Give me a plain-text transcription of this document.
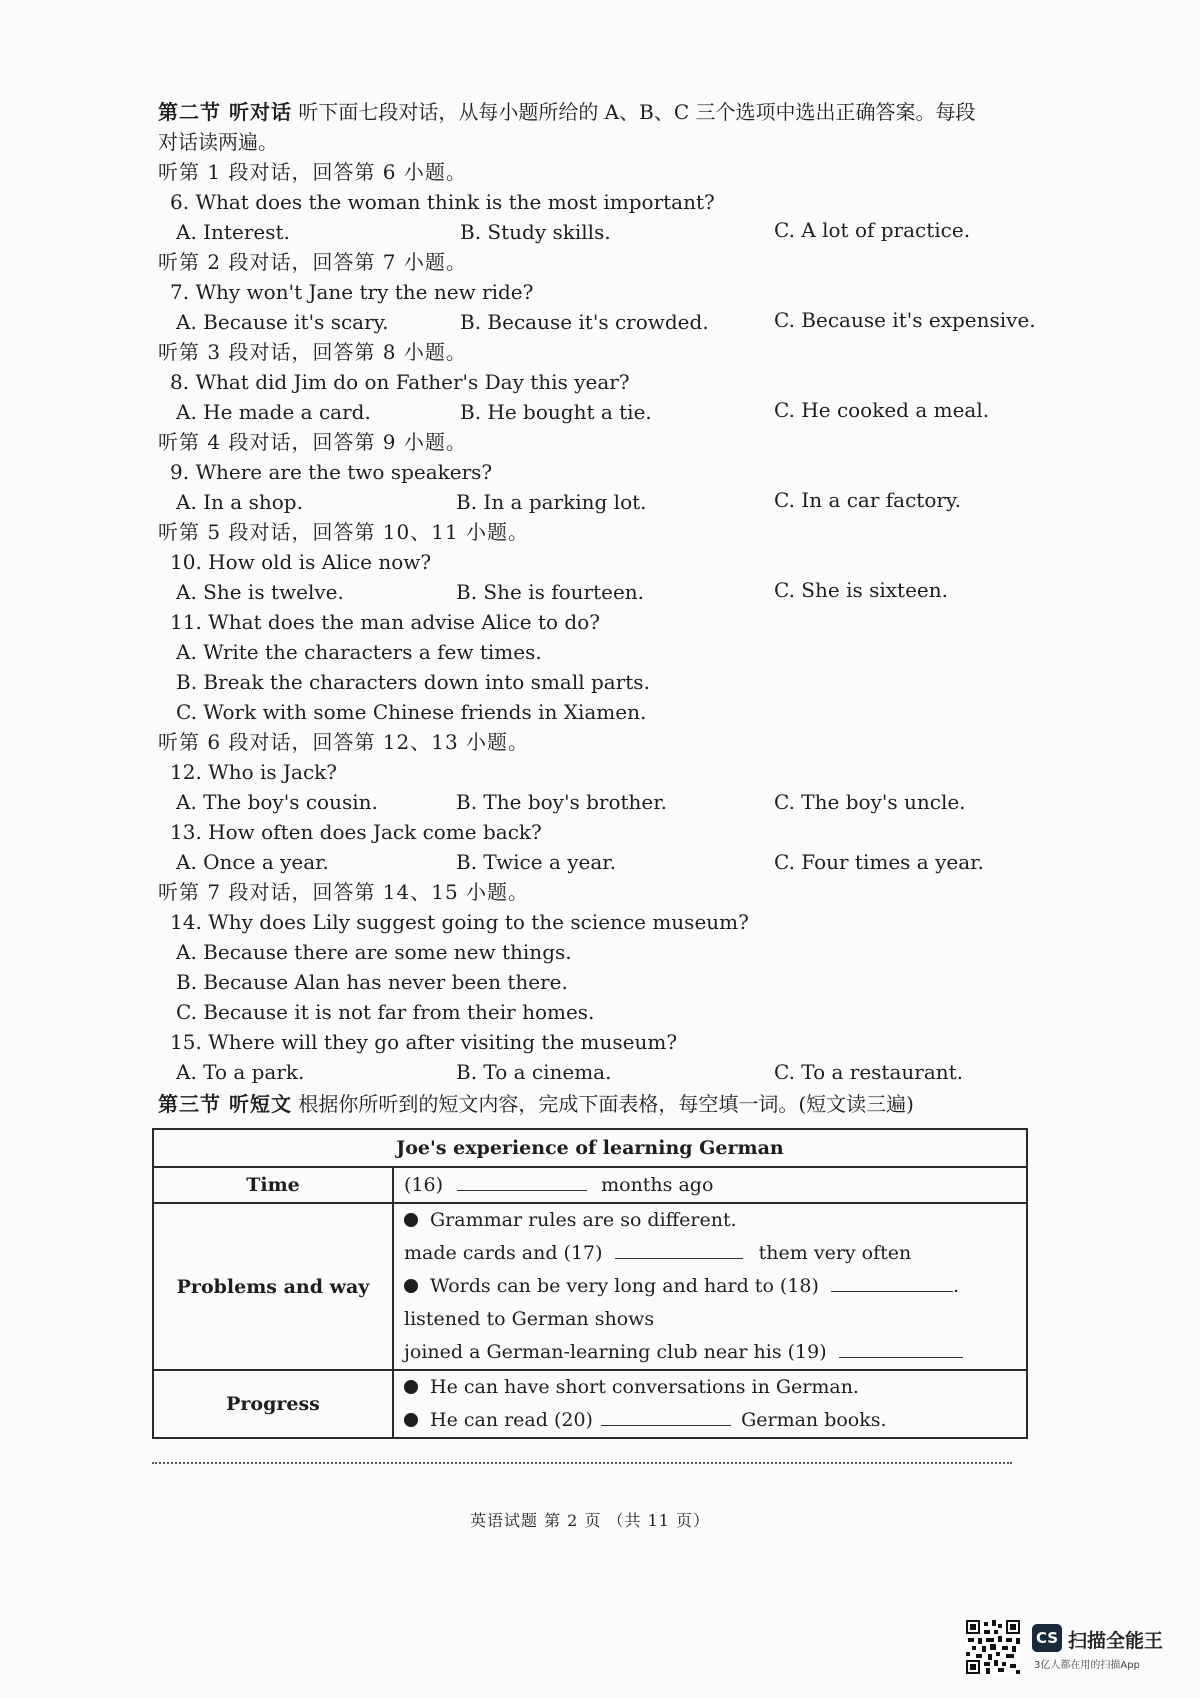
第二节 听对话 听下面七段对话，从每小题所给的 A、B、C 三个选项中选出正确答案。每段
对话读两遍。
听第 1 段对话，回答第 6 小题。
6. What does the woman think is the most important?
A. Interest.	B. Study skills.	C. A lot of practice.
听第 2 段对话，回答第 7 小题。
7. Why won't Jane try the new ride?
A. Because it's scary.	B. Because it's crowded.	C. Because it's expensive.
听第 3 段对话，回答第 8 小题。
8. What did Jim do on Father's Day this year?
A. He made a card.	B. He bought a tie.	C. He cooked a meal.
听第 4 段对话，回答第 9 小题。
9. Where are the two speakers?
A. In a shop.	B. In a parking lot.	C. In a car factory.
听第 5 段对话，回答第 10、11 小题。
10. How old is Alice now?
A. She is twelve.	B. She is fourteen.	C. She is sixteen.
11. What does the man advise Alice to do?
A. Write the characters a few times.
B. Break the characters down into small parts.
C. Work with some Chinese friends in Xiamen.
听第 6 段对话，回答第 12、13 小题。
12. Who is Jack?
A. The boy's cousin.	B. The boy's brother.	C. The boy's uncle.
13. How often does Jack come back?
A. Once a year.	B. Twice a year.	C. Four times a year.
听第 7 段对话，回答第 14、15 小题。
14. Why does Lily suggest going to the science museum?
A. Because there are some new things.
B. Because Alan has never been there.
C. Because it is not far from their homes.
15. Where will they go after visiting the museum?
A. To a park.	B. To a cinema.	C. To a restaurant.
第三节 听短文 根据你所听到的短文内容，完成下面表格，每空填一词。(短文读三遍)
Joe's experience of learning German	
Time	(16) months ago

Problems and way	Grammar rules are so different.
made cards and (17) them very often
Words can be very long and hard to (18) .
listened to German shows
joined a German-learning club near his (19)

Progress	He can have short conversations in German.
He can read (20) German books.
英语试题 第 2 页 （共 11 页）
CS 扫描全能王
3亿人都在用的扫描App
